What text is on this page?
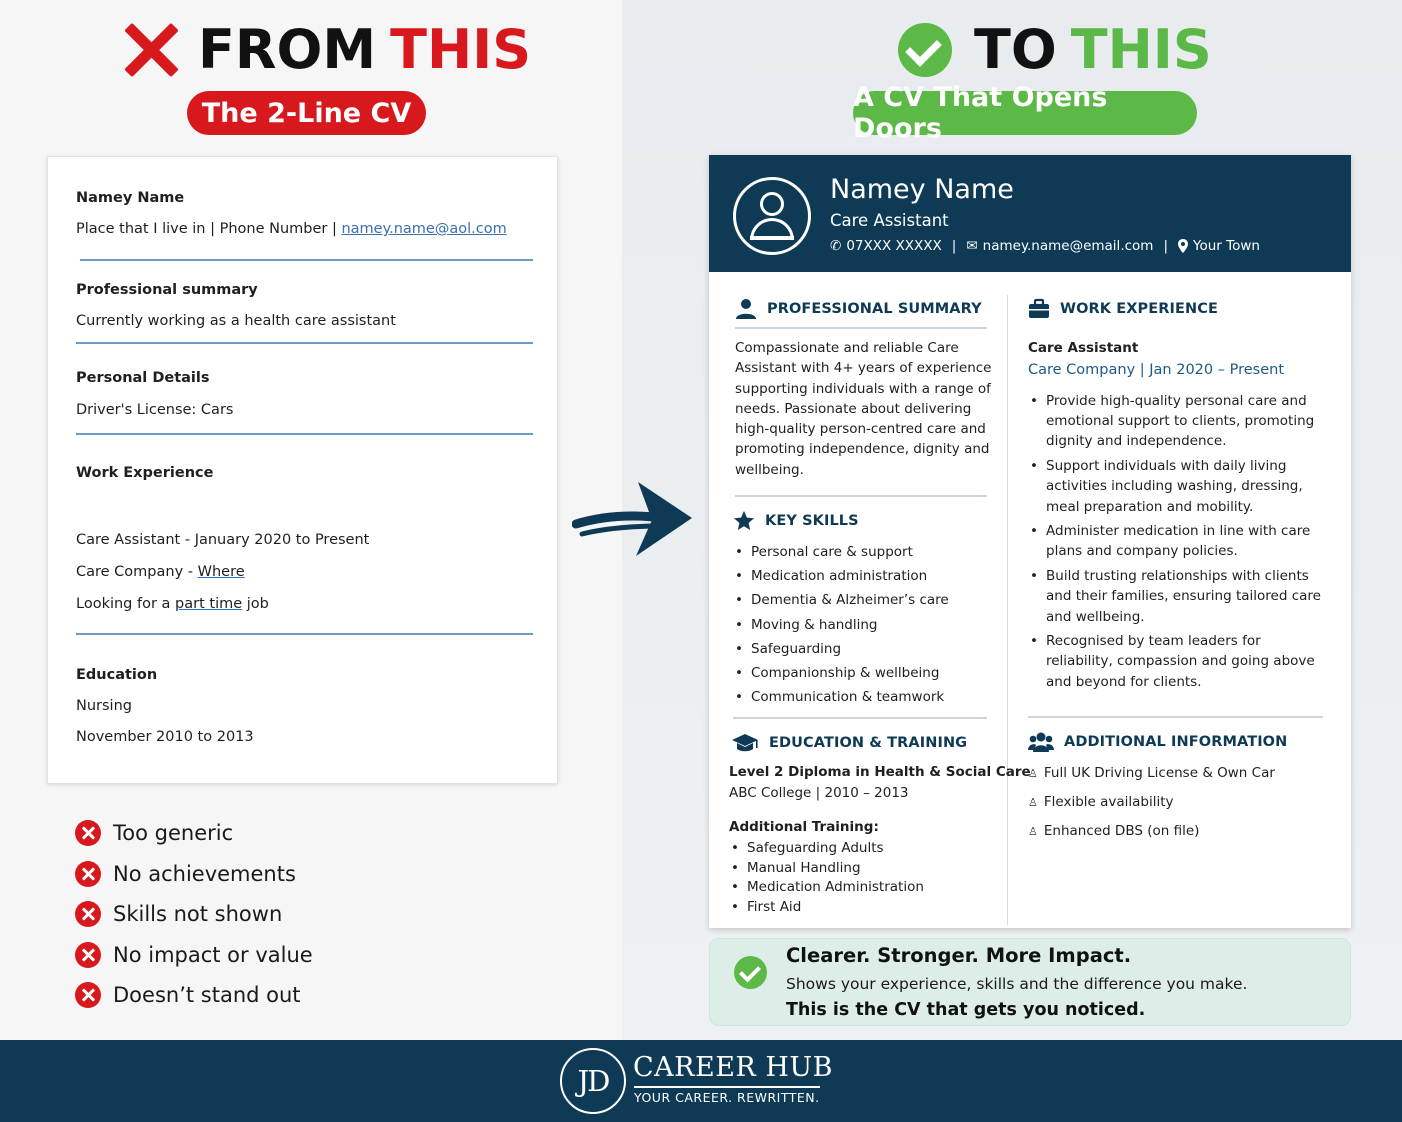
FROM THIS
The 2-Line CV
TO THIS
A CV That Opens Doors
Namey Name
Place that I live in | Phone Number | namey.name@aol.com
Professional summary
Currently working as a health care assistant
Personal Details
Driver's License: Cars
Work Experience
Care Assistant - January 2020 to Present
Care Company - Where
Looking for a part time job
Education
Nursing
November 2010 to 2013
Too generic
No achievements
Skills not shown
No impact or value
Doesn’t stand out
Namey Name
Care Assistant
✆ 07XXX XXXXX | ✉ namey.name@email.com | Your Town
PROFESSIONAL SUMMARY
Compassionate and reliable Care
Assistant with 4+ years of experience
supporting individuals with a range of
needs. Passionate about delivering
high-quality person-centred care and
promoting independence, dignity and
wellbeing.
KEY SKILLS
• Personal care & support
• Medication administration
• Dementia & Alzheimer’s care
• Moving & handling
• Safeguarding
• Companionship & wellbeing
• Communication & teamwork
EDUCATION & TRAINING
Level 2 Diploma in Health & Social Care
ABC College | 2010 – 2013
Additional Training:
• Safeguarding Adults
• Manual Handling
• Medication Administration
• First Aid
WORK EXPERIENCE
Care Assistant
Care Company | Jan 2020 – Present
• Provide high-quality personal care and
emotional support to clients, promoting
dignity and independence.
• Support individuals with daily living
activities including washing, dressing,
meal preparation and mobility.
• Administer medication in line with care
plans and company policies.
• Build trusting relationships with clients
and their families, ensuring tailored care
and wellbeing.
• Recognised by team leaders for
reliability, compassion and going above
and beyond for clients.
ADDITIONAL INFORMATION
♙ Full UK Driving License & Own Car
♙ Flexible availability
♙ Enhanced DBS (on file)
Clearer. Stronger. More Impact.
Shows your experience, skills and the difference you make.
This is the CV that gets you noticed.
JD CAREER HUB
YOUR CAREER. REWRITTEN.
